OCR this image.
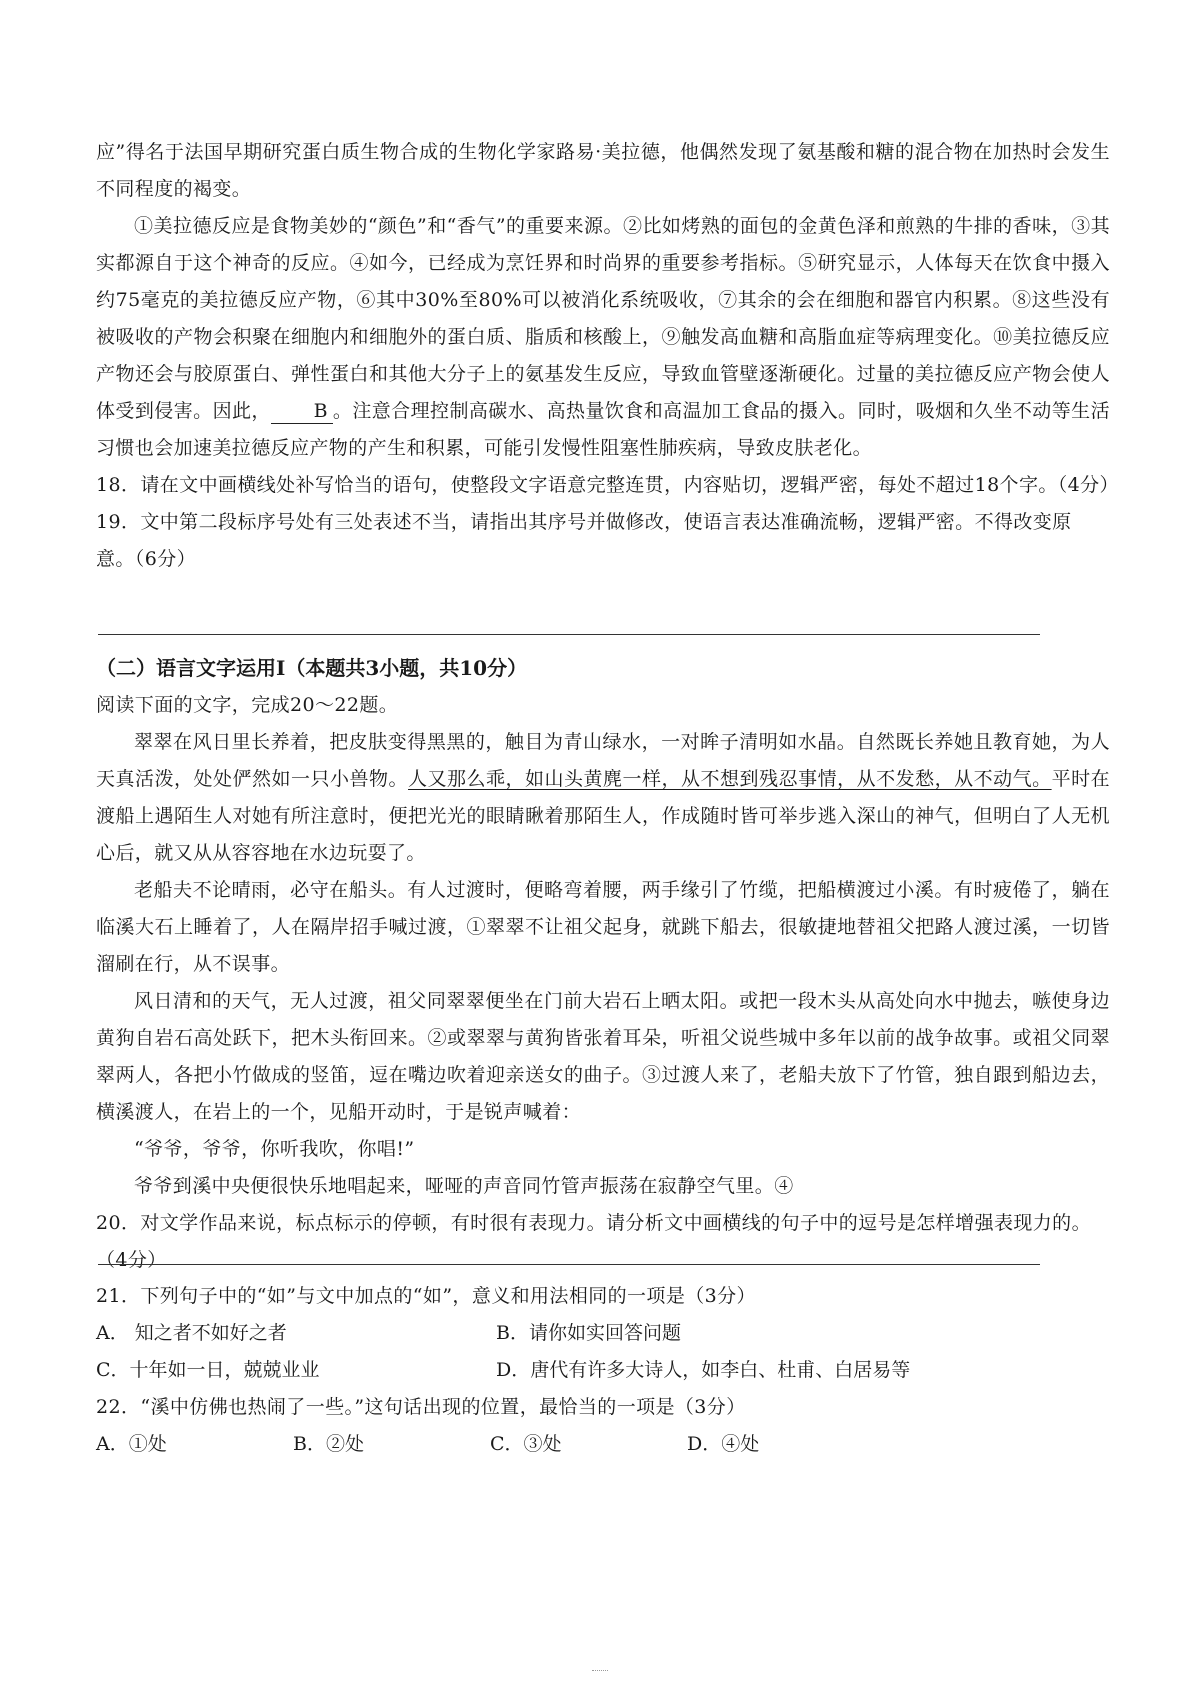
应”得名于法国早期研究蛋白质生物合成的生物化学家路易·美拉德，他偶然发现了氨基酸和糖的混合物在加热时会发生不同程度的褐变。

①美拉德反应是食物美妙的“颜色”和“香气”的重要来源。②比如烤熟的面包的金黄色泽和煎熟的牛排的香味，③其实都源自于这个神奇的反应。④如今，已经成为烹饪界和时尚界的重要参考指标。⑤研究显示，人体每天在饮食中摄入约75毫克的美拉德反应产物，⑥其中30%至80%可以被消化系统吸收，⑦其余的会在细胞和器官内积累。⑧这些没有被吸收的产物会积聚在细胞内和细胞外的蛋白质、脂质和核酸上，⑨触发高血糖和高脂血症等病理变化。⑩美拉德反应产物还会与胶原蛋白、弹性蛋白和其他大分子上的氨基发生反应，导致血管壁逐渐硬化。过量的美拉德反应产物会使人体受到侵害。因此， B 。注意合理控制高碳水、高热量饮食和高温加工食品的摄入。同时，吸烟和久坐不动等生活习惯也会加速美拉德反应产物的产生和积累，可能引发慢性阻塞性肺疾病，导致皮肤老化。

18．请在文中画横线处补写恰当的语句，使整段文字语意完整连贯，内容贴切，逻辑严密，每处不超过18个字。（4分）

19．文中第二段标序号处有三处表述不当，请指出其序号并做修改，使语言表达准确流畅，逻辑严密。不得改变原意。（6分）

（二）语言文字运用Ⅰ（本题共3小题，共10分）

阅读下面的文字，完成20～22题。

翠翠在风日里长养着，把皮肤变得黑黑的，触目为青山绿水，一对眸子清明如水晶。自然既长养她且教育她，为人天真活泼，处处俨然如一只小兽物。人又那么乖，如山头黄麂一样，从不想到残忍事情，从不发愁，从不动气。平时在渡船上遇陌生人对她有所注意时，便把光光的眼睛瞅着那陌生人，作成随时皆可举步逃入深山的神气，但明白了人无机心后，就又从从容容地在水边玩耍了。

老船夫不论晴雨，必守在船头。有人过渡时，便略弯着腰，两手缘引了竹缆，把船横渡过小溪。有时疲倦了，躺在临溪大石上睡着了，人在隔岸招手喊过渡，①翠翠不让祖父起身，就跳下船去，很敏捷地替祖父把路人渡过溪，一切皆溜刷在行，从不误事。

风日清和的天气，无人过渡，祖父同翠翠便坐在门前大岩石上晒太阳。或把一段木头从高处向水中抛去，嗾使身边黄狗自岩石高处跃下，把木头衔回来。②或翠翠与黄狗皆张着耳朵，听祖父说些城中多年以前的战争故事。或祖父同翠翠两人，各把小竹做成的竖笛，逗在嘴边吹着迎亲送女的曲子。③过渡人来了，老船夫放下了竹管，独自跟到船边去，横溪渡人，在岩上的一个，见船开动时，于是锐声喊着：

“爷爷，爷爷，你听我吹，你唱!”

爷爷到溪中央便很快乐地唱起来，哑哑的声音同竹管声振荡在寂静空气里。④

20．对文学作品来说，标点标示的停顿，有时很有表现力。请分析文中画横线的句子中的逗号是怎样增强表现力的。（4分）

21．下列句子中的“如”与文中加点的“如”，意义和用法相同的一项是（3分）

A． 知之者不如好之者	B．请你如实回答问题
C．十年如一日，兢兢业业	D．唐代有许多大诗人，如李白、杜甫、白居易等

22．“溪中仿佛也热闹了一些。”这句话出现的位置，最恰当的一项是（3分）

A．①处	B．②处	C．③处	D．④处
